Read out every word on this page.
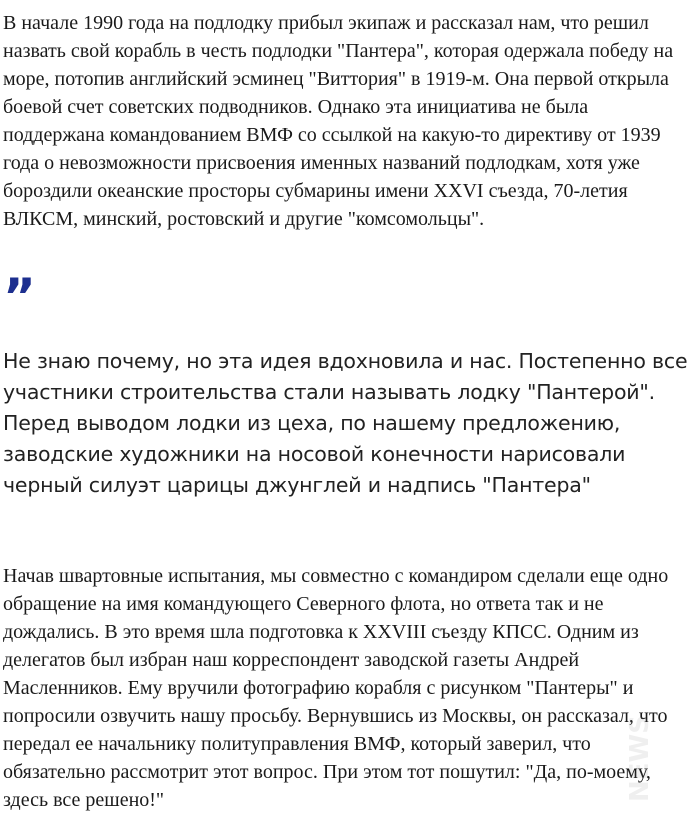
В начале 1990 года на подлодку прибыл экипаж и рассказал нам, что решил назвать свой корабль в честь подлодки "Пантера", которая одержала победу на море, потопив английский эсминец "Виттория" в 1919-м. Она первой открыла боевой счет советских подводников. Однако эта инициатива не была поддержана командованием ВМФ со ссылкой на какую-то директиву от 1939 года о невозможности присвоения именных названий подлодкам, хотя уже бороздили океанские просторы субмарины имени XXVI съезда, 70-летия ВЛКСМ, минский, ростовский и другие "комсомольцы".

”

Не знаю почему, но эта идея вдохновила и нас. Постепенно все участники строительства стали называть лодку "Пантерой". Перед выводом лодки из цеха, по нашему предложению, заводские художники на носовой конечности нарисовали черный силуэт царицы джунглей и надпись "Пантера"

Начав швартовные испытания, мы совместно с командиром сделали еще одно обращение на имя командующего Северного флота, но ответа так и не дождались. В это время шла подготовка к XXVIII съезду КПСС. Одним из делегатов был избран наш корреспондент заводской газеты Андрей Масленников. Ему вручили фотографию корабля с рисунком "Пантеры" и попросили озвучить нашу просьбу. Вернувшись из Москвы, он рассказал, что передал ее начальнику политуправления ВМФ, который заверил, что обязательно рассмотрит этот вопрос. При этом тот пошутил: "Да, по-моему, здесь все решено!"	NEWS
